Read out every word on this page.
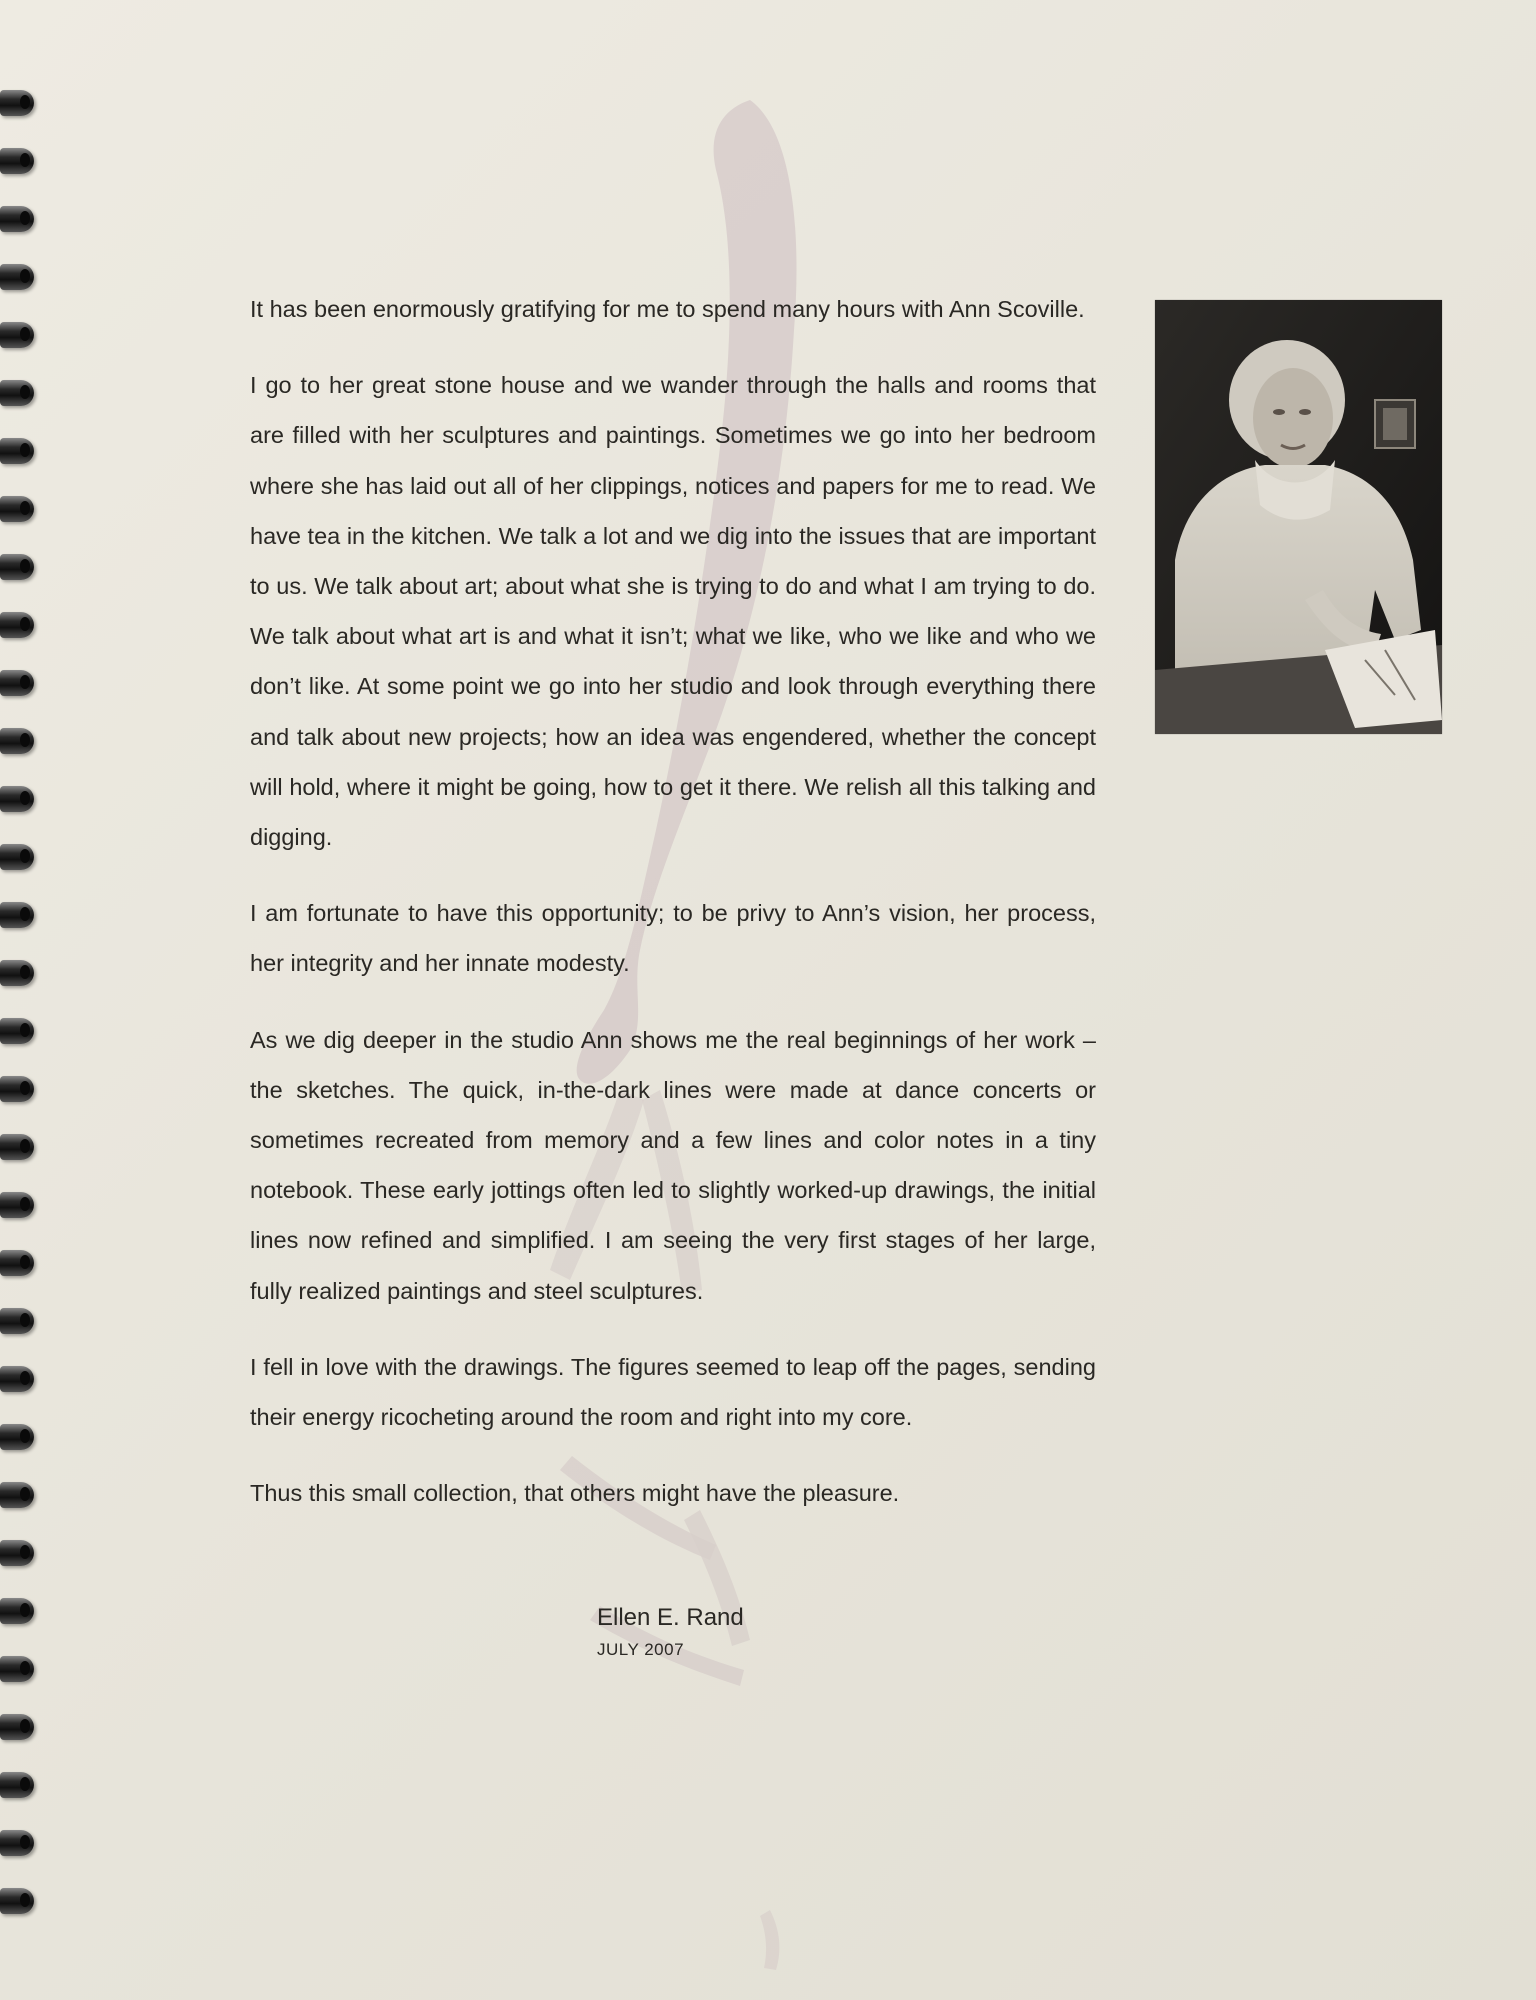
It has been enormously gratifying for me to spend many hours with Ann Scoville.

I go to her great stone house and we wander through the halls and rooms that are filled with her sculptures and paintings. Sometimes we go into her bedroom where she has laid out all of her clippings, notices and papers for me to read. We have tea in the kitchen. We talk a lot and we dig into the issues that are important to us. We talk about art; about what she is trying to do and what I am trying to do. We talk about what art is and what it isn’t; what we like, who we like and who we don’t like. At some point we go into her studio and look through everything there and talk about new projects; how an idea was engendered, whether the concept will hold, where it might be going, how to get it there. We relish all this talking and digging.

I am fortunate to have this opportunity; to be privy to Ann’s vision, her process, her integrity and her innate modesty.

As we dig deeper in the studio Ann shows me the real beginnings of her work – the sketches. The quick, in-the-dark lines were made at dance concerts or sometimes recreated from memory and a few lines and color notes in a tiny notebook. These early jottings often led to slightly worked-up drawings, the initial lines now refined and simplified. I am seeing the very first stages of her large, fully realized paintings and steel sculptures.

I fell in love with the drawings. The figures seemed to leap off the pages, sending their energy ricocheting around the room and right into my core.

Thus this small collection, that others might have the pleasure.

Ellen E. Rand
JULY 2007
